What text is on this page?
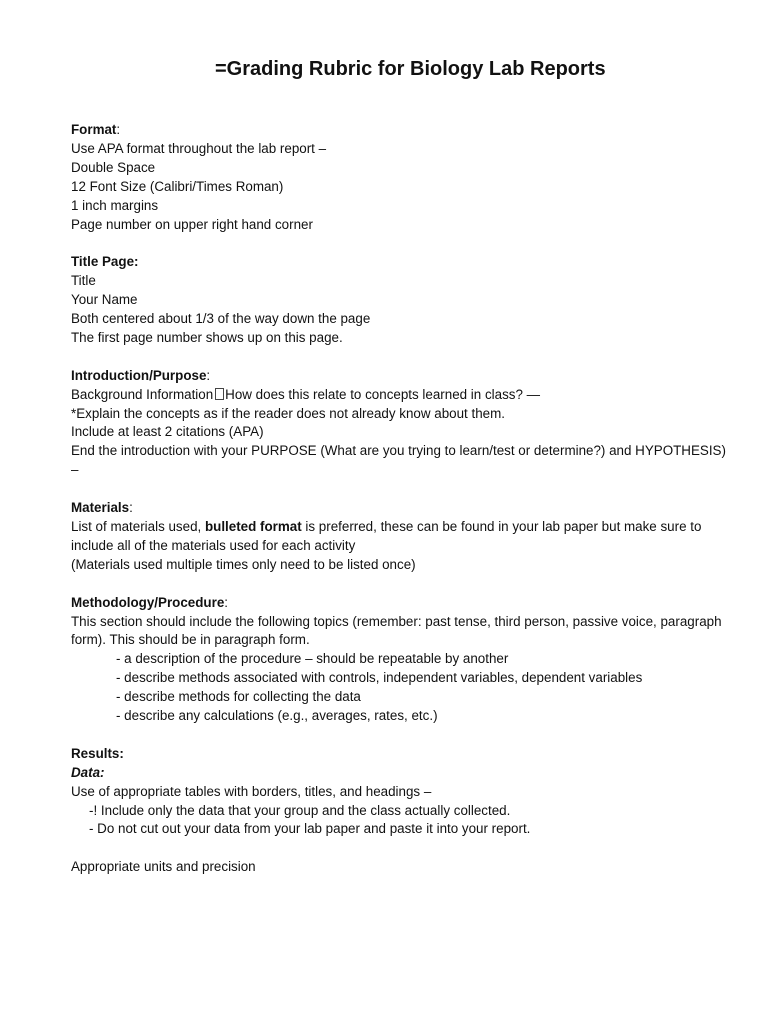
=Grading Rubric for Biology Lab Reports
Format:
Use APA format throughout the lab report –
Double Space
12 Font Size (Calibri/Times Roman)
1 inch margins
Page number on upper right hand corner
Title Page:
Title
Your Name
Both centered about 1/3 of the way down the page
The first page number shows up on this page.
Introduction/Purpose:
Background Information How does this relate to concepts learned in class? —
*Explain the concepts as if the reader does not already know about them.
Include at least 2 citations (APA)
End the introduction with your PURPOSE (What are you trying to learn/test or determine?) and HYPOTHESIS) –
Materials:
List of materials used, bulleted format is preferred, these can be found in your lab paper but make sure to include all of the materials used for each activity
(Materials used multiple times only need to be listed once)
Methodology/Procedure:
This section should include the following topics (remember: past tense, third person, passive voice, paragraph form). This should be in paragraph form.
- a description of the procedure – should be repeatable by another
- describe methods associated with controls, independent variables, dependent variables
- describe methods for collecting the data
- describe any calculations (e.g., averages, rates, etc.)
Results:
Data:
Use of appropriate tables with borders, titles, and headings –
-! Include only the data that your group and the class actually collected.
- Do not cut out your data from your lab paper and paste it into your report.
Appropriate units and precision
